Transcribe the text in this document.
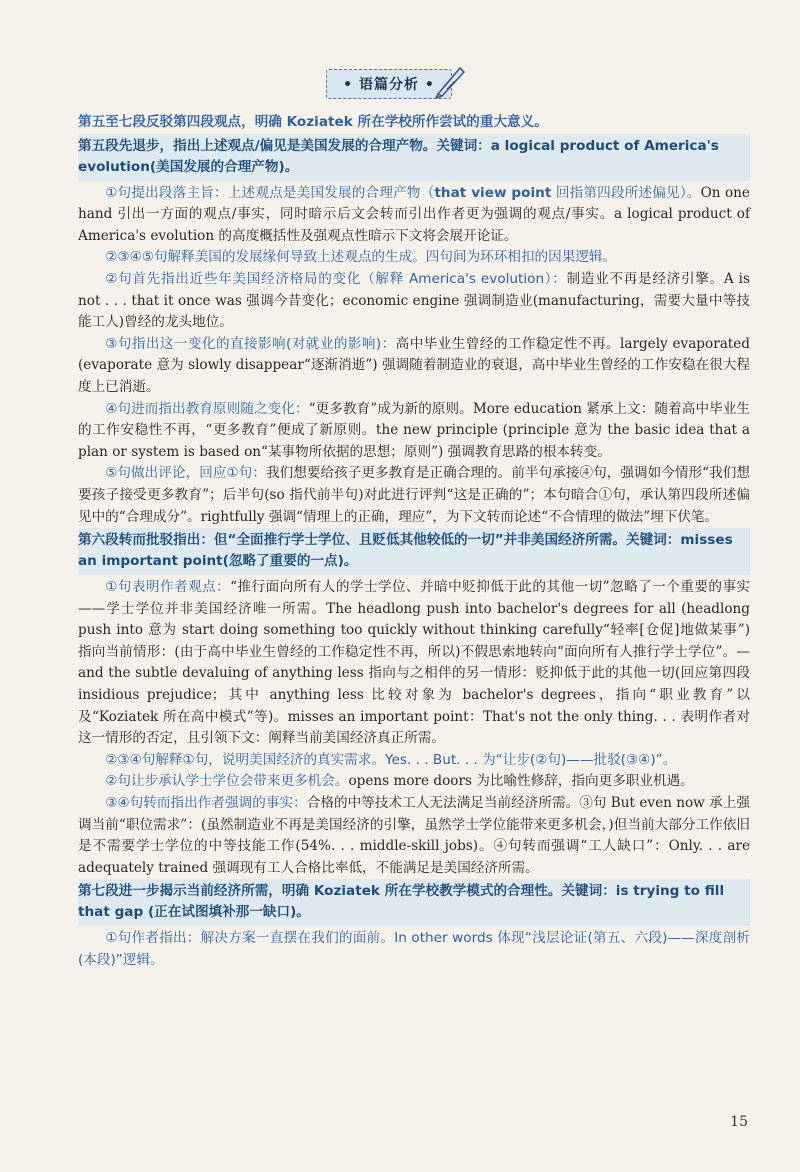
• 语篇分析 •

第五至七段反驳第四段观点，明确 Koziatek 所在学校所作尝试的重大意义。

第五段先退步，指出上述观点/偏见是美国发展的合理产物。关键词：a logical product of America's evolution(美国发展的合理产物)。

①句提出段落主旨：上述观点是美国发展的合理产物（that view point 回指第四段所述偏见）。On one hand 引出一方面的观点/事实，同时暗示后文会转而引出作者更为强调的观点/事实。a logical product of America's evolution 的高度概括性及强观点性暗示下文将会展开论证。

②③④⑤句解释美国的发展缘何导致上述观点的生成。四句间为环环相扣的因果逻辑。

②句首先指出近些年美国经济格局的变化（解释 America's evolution）：制造业不再是经济引擎。A is not . . . that it once was 强调今昔变化；economic engine 强调制造业(manufacturing，需要大量中等技能工人)曾经的龙头地位。

③句指出这一变化的直接影响(对就业的影响)：高中毕业生曾经的工作稳定性不再。largely evaporated (evaporate 意为 slowly disappear“逐渐消逝”) 强调随着制造业的衰退，高中毕业生曾经的工作安稳在很大程度上已消逝。

④句进而指出教育原则随之变化：“更多教育”成为新的原则。More education 紧承上文：随着高中毕业生的工作安稳性不再，“更多教育”便成了新原则。the new principle (principle 意为 the basic idea that a plan or system is based on“某事物所依据的思想；原则”) 强调教育思路的根本转变。

⑤句做出评论，回应①句：我们想要给孩子更多教育是正确合理的。前半句承接④句，强调如今情形“我们想要孩子接受更多教育”；后半句(so 指代前半句)对此进行评判“这是正确的”；本句暗合①句，承认第四段所述偏见中的“合理成分”。rightfully 强调“情理上的正确，理应”，为下文转而论述“不合情理的做法”埋下伏笔。

第六段转而批驳指出：但“全面推行学士学位、且贬低其他较低的一切”并非美国经济所需。关键词：misses an important point(忽略了重要的一点)。

①句表明作者观点：“推行面向所有人的学士学位、并暗中贬抑低于此的其他一切”忽略了一个重要的事实——学士学位并非美国经济唯一所需。The headlong push into bachelor's degrees for all (headlong push into 意为 start doing something too quickly without thinking carefully“轻率[仓促]地做某事”) 指向当前情形：(由于高中毕业生曾经的工作稳定性不再，所以)不假思索地转向“面向所有人推行学士学位”。— and the subtle devaluing of anything less 指向与之相伴的另一情形：贬抑低于此的其他一切(回应第四段 insidious prejudice；其中 anything less 比较对象为 bachelor's degrees，指向“职业教育”以及“Koziatek 所在高中模式”等)。misses an important point：That's not the only thing. . . 表明作者对这一情形的否定，且引领下文：阐释当前美国经济真正所需。

②③④句解释①句，说明美国经济的真实需求。Yes. . . But. . . 为“让步(②句)——批驳(③④)”。

②句让步承认学士学位会带来更多机会。opens more doors 为比喻性修辞，指向更多职业机遇。

③④句转而指出作者强调的事实：合格的中等技术工人无法满足当前经济所需。③句 But even now 承上强调当前“职位需求”：(虽然制造业不再是美国经济的引擎，虽然学士学位能带来更多机会，)但当前大部分工作依旧是不需要学士学位的中等技能工作(54%. . . middle-skill jobs)。④句转而强调“工人缺口”：Only. . . are adequately trained 强调现有工人合格比率低，不能满足是美国经济所需。

第七段进一步揭示当前经济所需，明确 Koziatek 所在学校教学模式的合理性。关键词：is trying to fill that gap (正在试图填补那一缺口)。

①句作者指出：解决方案一直摆在我们的面前。In other words 体现“浅层论证(第五、六段)——深度剖析(本段)”逻辑。

15
